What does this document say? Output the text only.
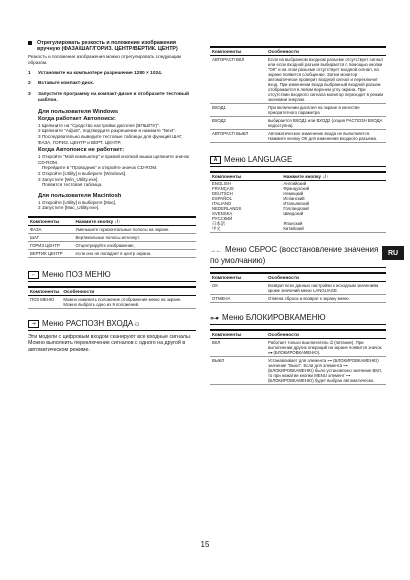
Отрегулировать резкость и положение изображения вручную (ФАЗА/ШАГ/ГОРИЗ. ЦЕНТР/ВЕРТИК. ЦЕНТР)
Резкость и положение изображения можно отрегулировать следующим образом.
1	Установите на компьютере разрешение 1280 × 1024.
2	Вставьте компакт-диск.
3	Запустите программу на компакт-диске и отобразите тестовый шаблон.
Для пользователя Windows
Когда работает Автопоиск:
1 Щелкните на "Средство настройки дисплея (ВПШ/ПУ)".
2 Щелкните "Adjust", подтвердите разрешение и нажмите "Next".
3 Последовательно выведите тестовые таблицы для функций ШАГ, ФАЗА, ГОРИЗ. ЦЕНТР и ВЕРТ. ЦЕНТР.
Когда Автопоиск не работает:
1 Откройте "Мой компьютер" и правой кнопкой мыши щелкните значок CD-ROM.
Перейдите в "Проводник" и откройте значок CD-ROM.
2 Откройте [Utility] и выберите [Windows].
3 Запустите [Win_Utility.exe].
Появится тестовая таблица.
Для пользователя Macintosh
1 Откройте [Utility] и выберите [Mac].
2 Запустите [Mac_Utility.exe].
Компоненты	Нажмите кнопку ↓/↑
ФАЗА	Уменьшите горизонтальные полосы на экране.
ШАГ	Вертикальные полосы исчезнут.
ГОРИЗ ЦЕНТР	Отцентрируйте изображение,
ВЕРТИК ЦЕНТР	если оно не попадает в центр экрана.
⇔ Меню ПОЗ МЕНЮ
Компоненты	Особенности
ПОЗ МЕНЮ	Можно изменить положение отображения меню на экране. Можно выбрать одно из 9 положений.
⇥ Меню РАСПОЗН ВХОДА☼
Эти модели с цифровым входом сканируют все входные сигналы. Можно выполнить переключение сигналов с одного на другой в автоматическом режиме.
Компоненты	Особенности
АВТОРАСП ВКЛ	Если на выбранном входном разъеме отсутствует сигнал или если входной разъем выбирается с помощью кнопки "ОК" и на этом разъеме отсутствует входной сигнал, на экране появится сообщение. Затем монитор автоматически проверит входной сигнал и переключит вход. При изменении входа выбранный входной разъем отображается в левом верхнем углу экрана. При отсутствии входного сигнала монитор переходит в режим экономии энергии.
ВХОД1	При включении дисплея на экране в качестве приоритетного параметра
ВХОД2	выбирается ВХОД1 или ВХОД2 (опция РАСПОЗН ВХОДА недоступна).
АВТОРАСП ВЫКЛ	Автоматическое изменение входа не выполняется. Нажмите кнопку ОК для изменения входного разъема.
A Меню LANGUAGE
Компоненты	Нажмите кнопку ↓/↑
ENGLISH	Английский
FRANÇAIS	Французский
DEUTSCH	Немецкий
ESPAÑOL	Испанский
ITALIANO	Итальянский
NEDERLANDS	Голландский
SVENSKA	Шведский
РУССКИЙ	
日本語	Японский
中文	Китайский
→← Меню СБРОС (восстановление значения по умолчанию)
Компоненты	Особенности
ОК	Возврат всех данных настройки к исходным значениям кроме значений меню LANGUAGE.
ОТМЕНА	Отмена сброса и возврат к экрану меню.
⊶ Меню БЛОКИРОВКАМЕНЮ
Компоненты	Особенности
ВКЛ	Работает только выключатель ⏻ (питание). При выполнении других операций на экране появится значок ⊶ (БЛОКИРОВКАМЕНЮ).
ВЫКЛ	Устанавливает для элемента ⊶ (БЛОКИРОВКАМЕНЮ) значение "Выкл". Если для элемента ⊶ (БЛОКИРОВКАМЕНЮ) было установлено значение ВКЛ, то при нажатии кнопки MENU элемент ⊶ (БЛОКИРОВКАМЕНЮ) будет выбран автоматически.
RU
15
